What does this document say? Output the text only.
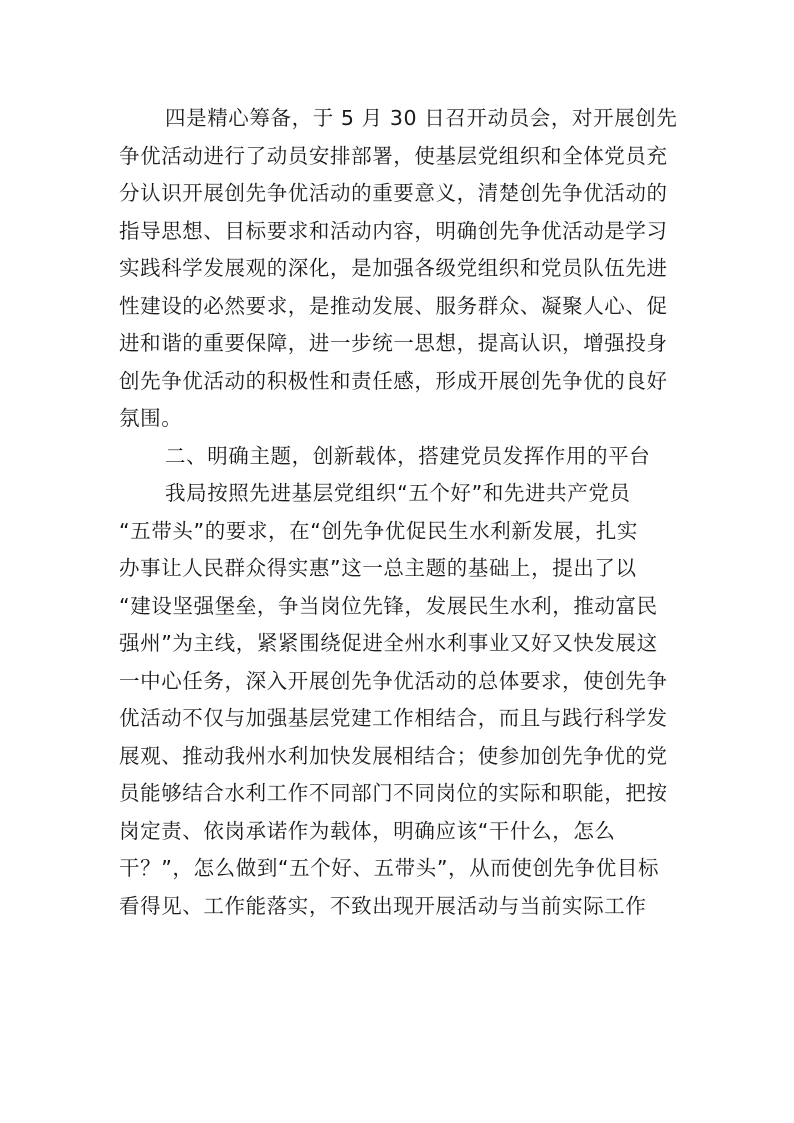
四是精心筹备，于 5 月 30 日召开动员会，对开展创先
争优活动进行了动员安排部署，使基层党组织和全体党员充
分认识开展创先争优活动的重要意义，清楚创先争优活动的
指导思想、目标要求和活动内容，明确创先争优活动是学习
实践科学发展观的深化，是加强各级党组织和党员队伍先进
性建设的必然要求，是推动发展、服务群众、凝聚人心、促
进和谐的重要保障，进一步统一思想，提高认识，增强投身
创先争优活动的积极性和责任感，形成开展创先争优的良好
氛围。
二、明确主题，创新载体，搭建党员发挥作用的平台
我局按照先进基层党组织“五个好”和先进共产党员
“五带头”的要求，在“创先争优促民生水利新发展，扎实
办事让人民群众得实惠”这一总主题的基础上，提出了以
“建设坚强堡垒，争当岗位先锋，发展民生水利，推动富民
强州”为主线，紧紧围绕促进全州水利事业又好又快发展这
一中心任务，深入开展创先争优活动的总体要求，使创先争
优活动不仅与加强基层党建工作相结合，而且与践行科学发
展观、推动我州水利加快发展相结合；使参加创先争优的党
员能够结合水利工作不同部门不同岗位的实际和职能，把按
岗定责、依岗承诺作为载体，明确应该“干什么，怎么
干？”，怎么做到“五个好、五带头”，从而使创先争优目标
看得见、工作能落实，不致出现开展活动与当前实际工作
